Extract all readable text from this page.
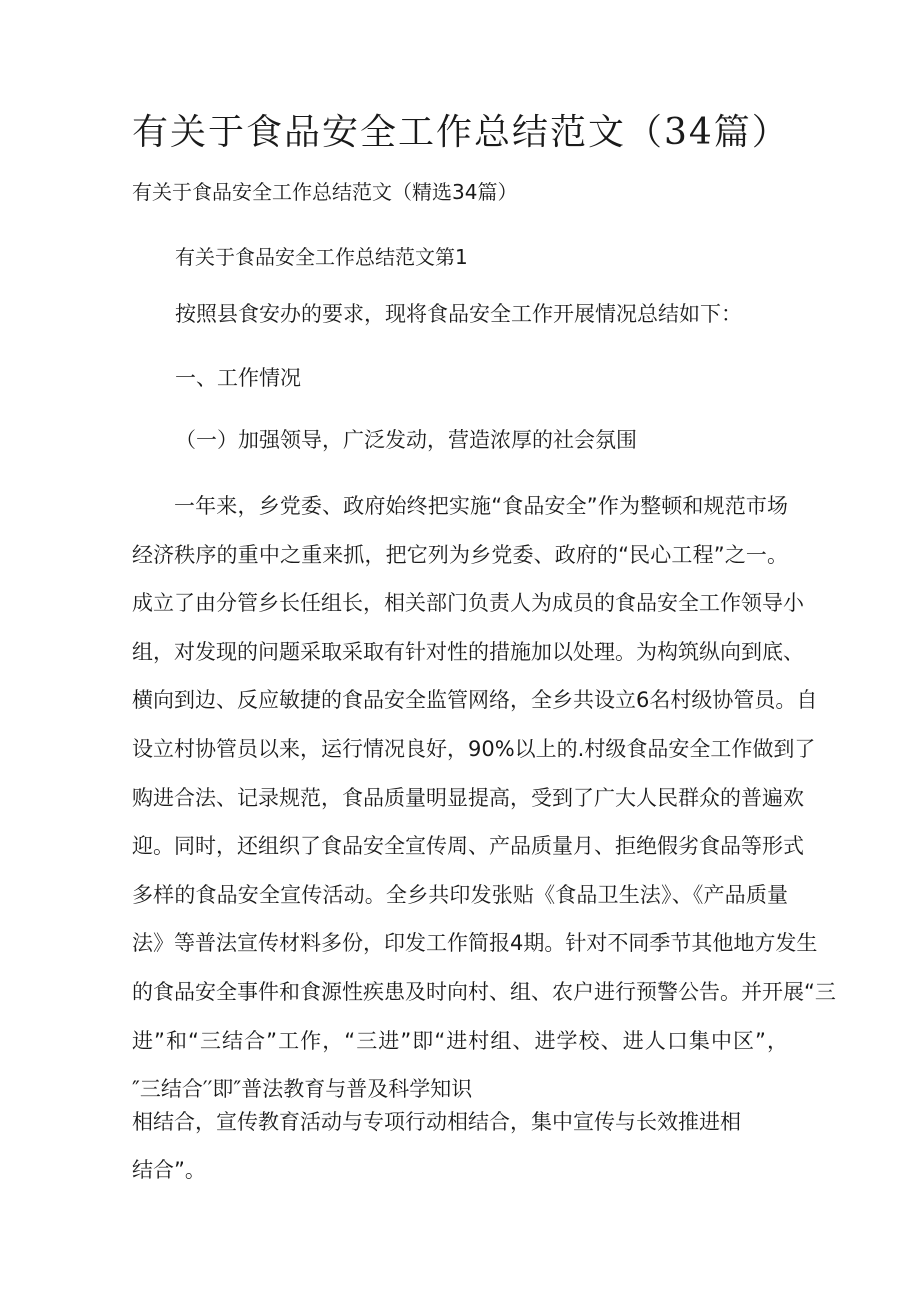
有关于食品安全工作总结范文（34篇）

有关于食品安全工作总结范文（精选34篇）

有关于食品安全工作总结范文第1

按照县食安办的要求，现将食品安全工作开展情况总结如下：

一、工作情况

（一）加强领导，广泛发动，营造浓厚的社会氛围

一年来，乡党委、政府始终把实施“食品安全”作为整顿和规范市场
经济秩序的重中之重来抓，把它列为乡党委、政府的“民心工程”之一。
成立了由分管乡长任组长，相关部门负责人为成员的食品安全工作领导小
组，对发现的问题采取采取有针对性的措施加以处理。为构筑纵向到底、
横向到边、反应敏捷的食品安全监管网络，全乡共设立6名村级协管员。自
设立村协管员以来，运行情况良好，90%以上的.村级食品安全工作做到了
购进合法、记录规范，食品质量明显提高，受到了广大人民群众的普遍欢
迎。同时，还组织了食品安全宣传周、产品质量月、拒绝假劣食品等形式
多样的食品安全宣传活动。全乡共印发张贴《食品卫生法》、《产品质量
法》等普法宣传材料多份，印发工作简报4期。针对不同季节其他地方发生
的食品安全事件和食源性疾患及时向村、组、农户进行预警公告。并开展“三
进”和“三结合”工作，“三进”即“进村组、进学校、进人口集中区”，
″三结合′′即″普法教育与普及科学知识

相结合，宣传教育活动与专项行动相结合，集中宣传与长效推进相

结合”。
